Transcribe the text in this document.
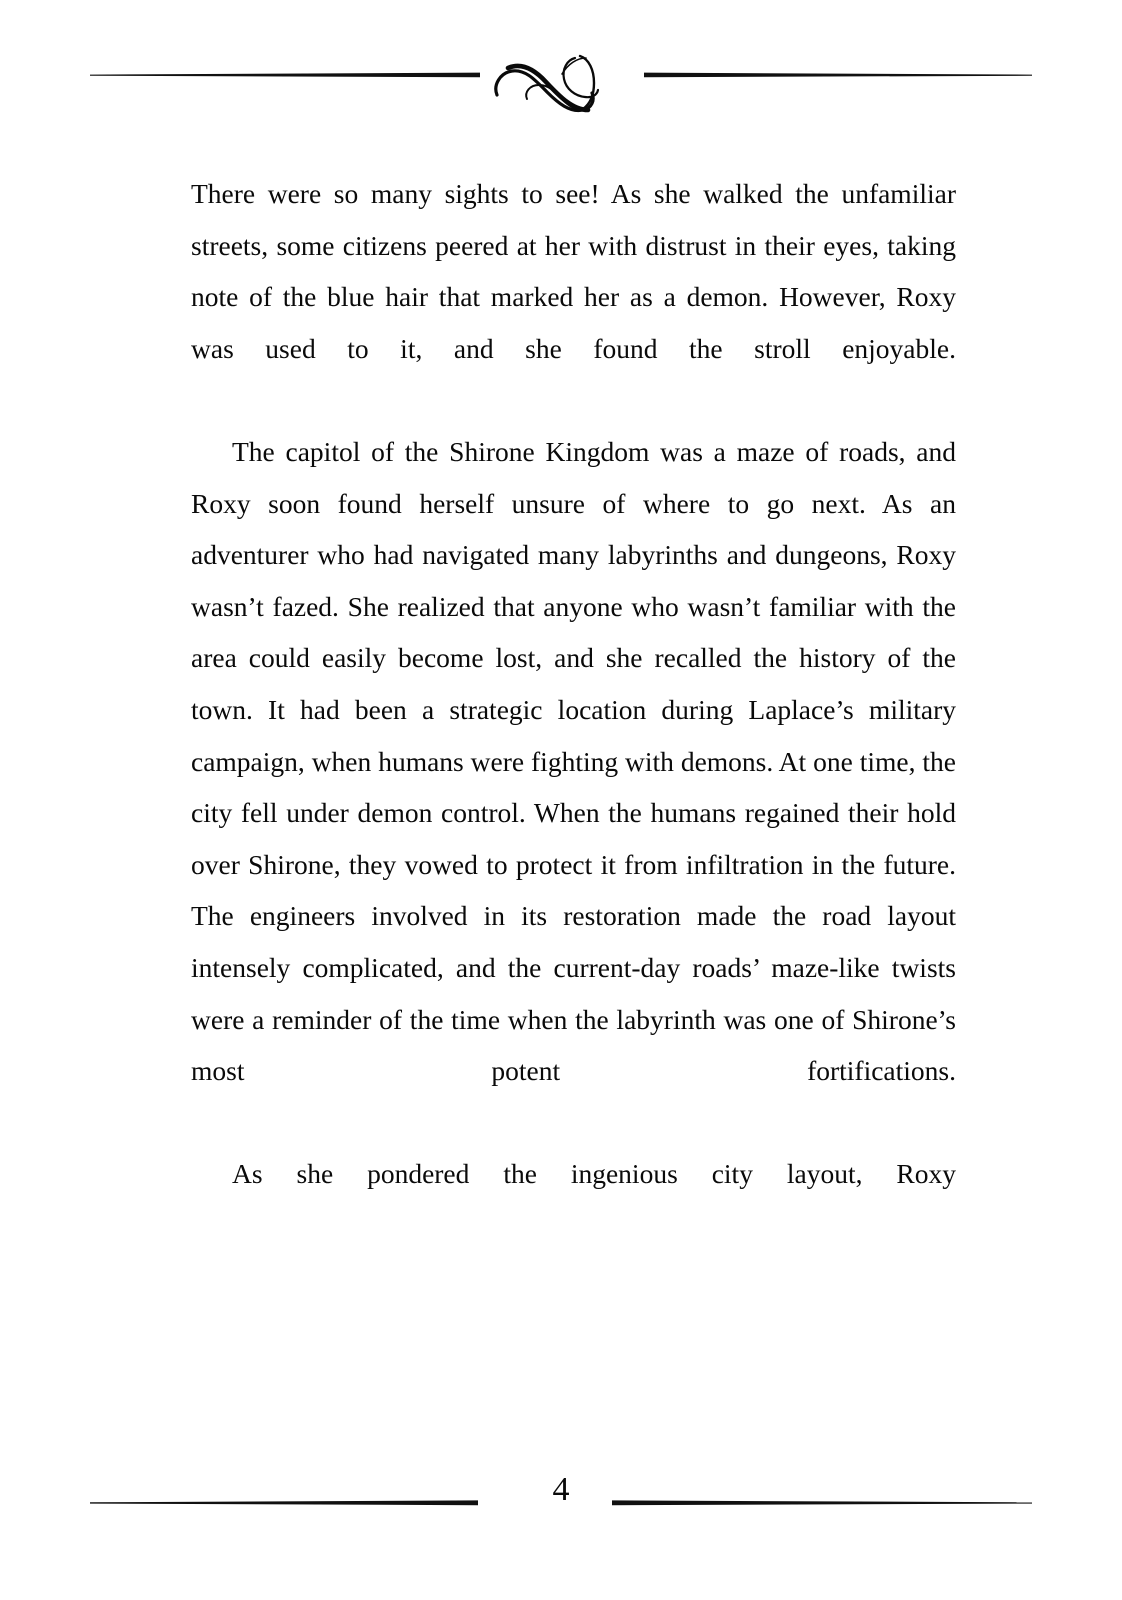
There were so many sights to see! As she walked the unfamiliar streets, some citizens peered at her with distrust in their eyes, taking note of the blue hair that marked her as a demon. However, Roxy was used to it, and she found the stroll enjoyable.

The capitol of the Shirone Kingdom was a maze of roads, and Roxy soon found herself unsure of where to go next. As an adventurer who had navigated many labyrinths and dungeons, Roxy wasn’t fazed. She realized that anyone who wasn’t familiar with the area could easily become lost, and she recalled the history of the town. It had been a strategic location during Laplace’s military campaign, when humans were fighting with demons. At one time, the city fell under demon control. When the humans regained their hold over Shirone, they vowed to protect it from infiltration in the future. The engineers involved in its restoration made the road layout intensely complicated, and the current-day roads’ maze-like twists were a reminder of the time when the labyrinth was one of Shirone’s most potent fortifications.

As she pondered the ingenious city layout, Roxy

4
